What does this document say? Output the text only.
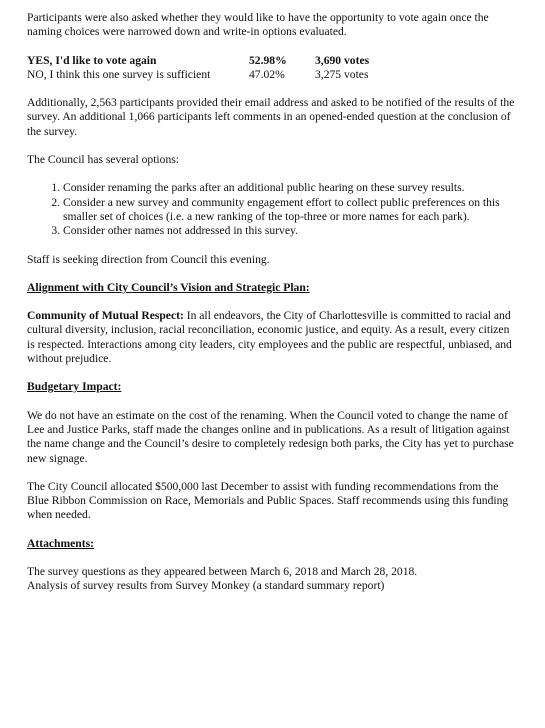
Participants were also asked whether they would like to have the opportunity to vote again once the naming choices were narrowed down and write-in options evaluated.

YES, I'd like to vote again	52.98%	3,690 votes
NO, I think this one survey is sufficient	47.02%	3,275 votes

Additionally, 2,563 participants provided their email address and asked to be notified of the results of the survey. An additional 1,066 participants left comments in an opened-ended question at the conclusion of the survey.

The Council has several options:

1. Consider renaming the parks after an additional public hearing on these survey results.
2. Consider a new survey and community engagement effort to collect public preferences on this smaller set of choices (i.e. a new ranking of the top-three or more names for each park).
3. Consider other names not addressed in this survey.

Staff is seeking direction from Council this evening.

Alignment with City Council’s Vision and Strategic Plan:

Community of Mutual Respect: In all endeavors, the City of Charlottesville is committed to racial and cultural diversity, inclusion, racial reconciliation, economic justice, and equity. As a result, every citizen is respected. Interactions among city leaders, city employees and the public are respectful, unbiased, and without prejudice.

Budgetary Impact:

We do not have an estimate on the cost of the renaming. When the Council voted to change the name of Lee and Justice Parks, staff made the changes online and in publications. As a result of litigation against the name change and the Council’s desire to completely redesign both parks, the City has yet to purchase new signage.

The City Council allocated $500,000 last December to assist with funding recommendations from the Blue Ribbon Commission on Race, Memorials and Public Spaces. Staff recommends using this funding when needed.

Attachments:

The survey questions as they appeared between March 6, 2018 and March 28, 2018.

Analysis of survey results from Survey Monkey (a standard summary report)
